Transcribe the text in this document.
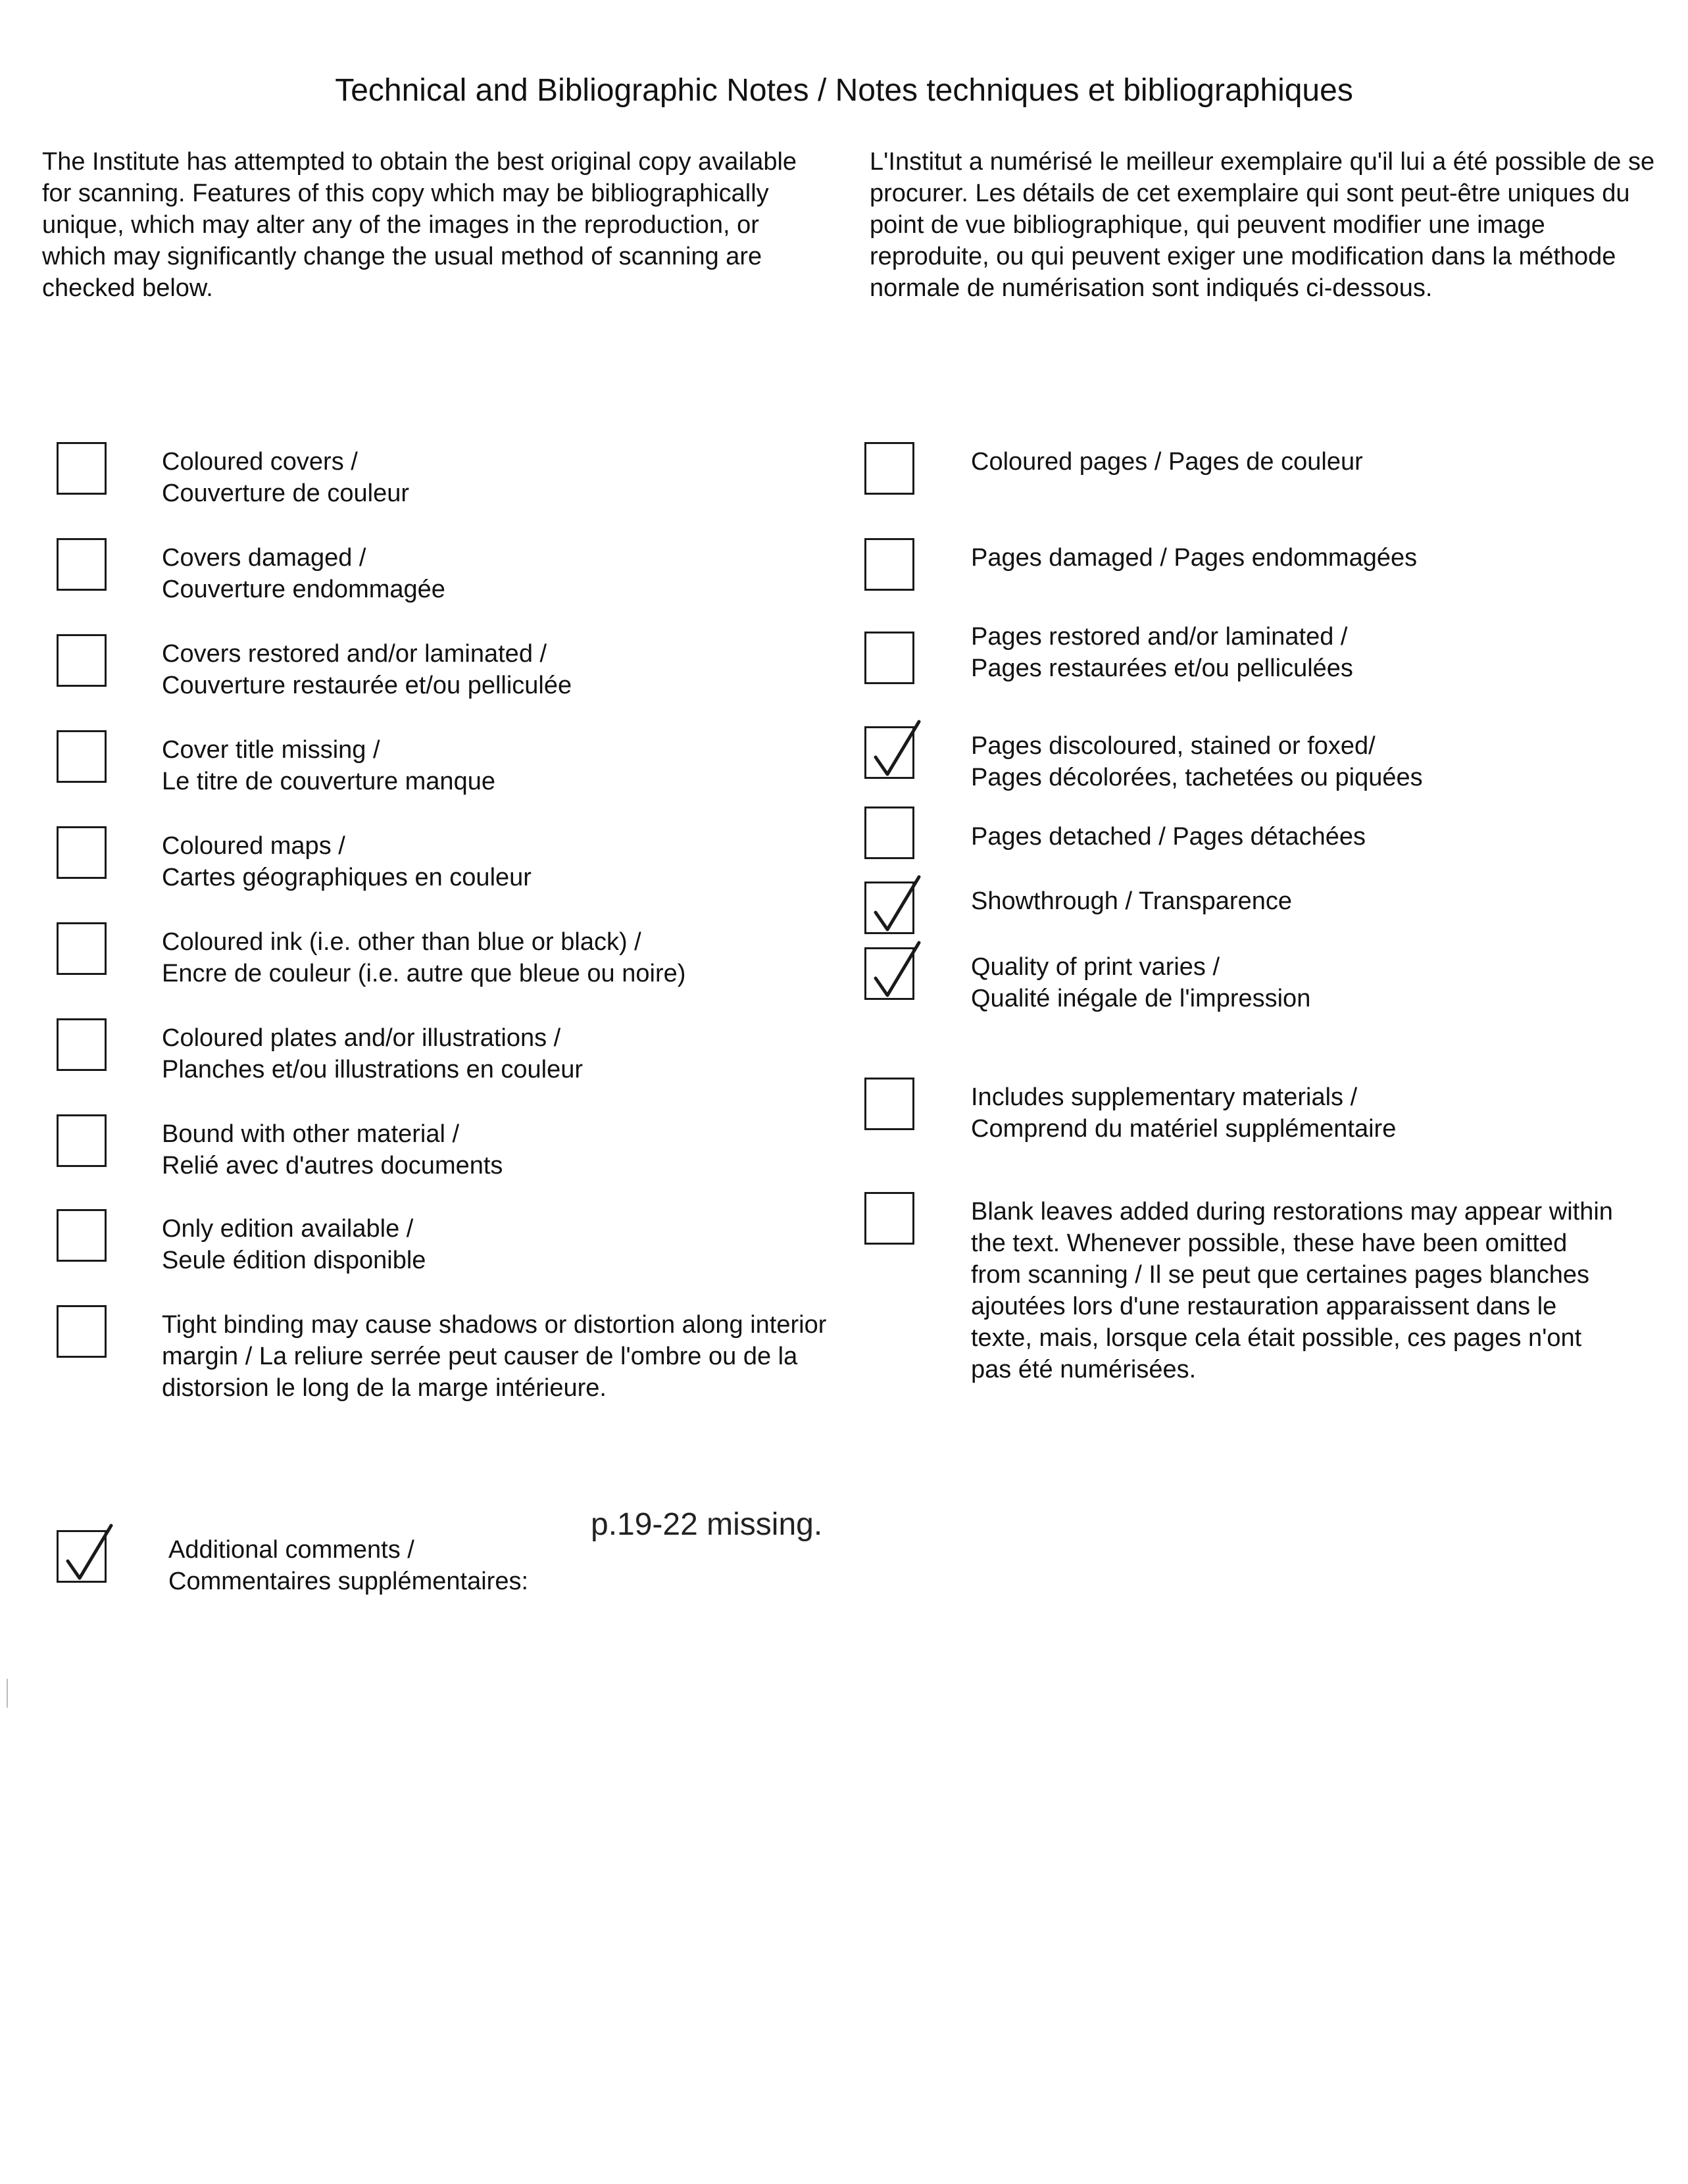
Technical and Bibliographic Notes / Notes techniques et bibliographiques
The Institute has attempted to obtain the best original copy available for scanning. Features of this copy which may be bibliographically unique, which may alter any of the images in the reproduction, or which may significantly change the usual method of scanning are checked below.
L'Institut a numérisé le meilleur exemplaire qu'il lui a été possible de se procurer. Les détails de cet exemplaire qui sont peut-être uniques du point de vue bibliographique, qui peuvent modifier une image reproduite, ou qui peuvent exiger une modification dans la méthode normale de numérisation sont indiqués ci-dessous.
Coloured covers /
Couverture de couleur
Covers damaged /
Couverture endommagée
Covers restored and/or laminated /
Couverture restaurée et/ou pelliculée
Cover title missing /
Le titre de couverture manque
Coloured maps /
Cartes géographiques en couleur
Coloured ink (i.e. other than blue or black) /
Encre de couleur (i.e. autre que bleue ou noire)
Coloured plates and/or illustrations /
Planches et/ou illustrations en couleur
Bound with other material /
Relié avec d'autres documents
Only edition available /
Seule édition disponible
Tight binding may cause shadows or distortion along interior margin / La reliure serrée peut causer de l'ombre ou de la distorsion le long de la marge intérieure.
Coloured pages / Pages de couleur
Pages damaged / Pages endommagées
Pages restored and/or laminated /
Pages restaurées et/ou pelliculées
Pages discoloured, stained or foxed/
Pages décolorées, tachetées ou piquées
Pages detached / Pages détachées
Showthrough / Transparence
Quality of print varies /
Qualité inégale de l'impression
Includes supplementary materials /
Comprend du matériel supplémentaire
Blank leaves added during restorations may appear within the text. Whenever possible, these have been omitted from scanning / Il se peut que certaines pages blanches ajoutées lors d'une restauration apparaissent dans le texte, mais, lorsque cela était possible, ces pages n'ont pas été numérisées.
Additional comments /
Commentaires supplémentaires:
p.19-22 missing.
